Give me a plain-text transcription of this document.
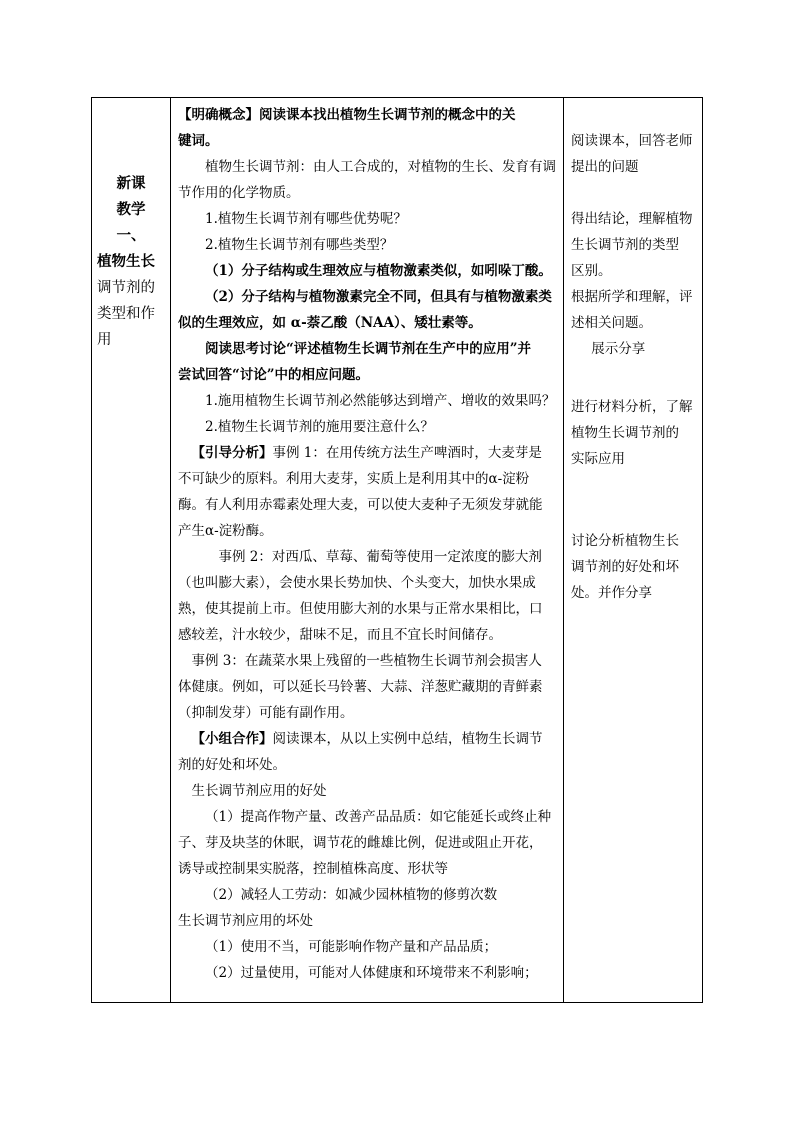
新课
教学
一、
植物生长
调节剂的
类型和作
用

【明确概念】阅读课本找出植物生长调节剂的概念中的关

键词。

植物生长调节剂：由人工合成的，对植物的生长、发育有调

节作用的化学物质。

1.植物生长调节剂有哪些优势呢？

2.植物生长调节剂有哪些类型？

（1）分子结构或生理效应与植物激素类似，如吲哚丁酸。

（2）分子结构与植物激素完全不同，但具有与植物激素类

似的生理效应，如 α-萘乙酸（NAA）、矮壮素等。

阅读思考讨论“评述植物生长调节剂在生产中的应用”并

尝试回答“讨论”中的相应问题。

1.施用植物生长调节剂必然能够达到增产、增收的效果吗？

2.植物生长调节剂的施用要注意什么？

【引导分析】事例 1：在用传统方法生产啤酒时，大麦芽是

不可缺少的原料。利用大麦芽，实质上是利用其中的α-淀粉

酶。有人利用赤霉素处理大麦，可以使大麦种子无须发芽就能

产生α-淀粉酶。

事例 2：对西瓜、草莓、葡萄等使用一定浓度的膨大剂

（也叫膨大素），会使水果长势加快、个头变大，加快水果成

熟，使其提前上市。但使用膨大剂的水果与正常水果相比，口

感较差，汁水较少，甜味不足，而且不宜长时间储存。

事例 3：在蔬菜水果上残留的一些植物生长调节剂会损害人

体健康。例如，可以延长马铃薯、大蒜、洋葱贮藏期的青鲜素

（抑制发芽）可能有副作用。

【小组合作】阅读课本，从以上实例中总结，植物生长调节

剂的好处和坏处。

生长调节剂应用的好处

（1）提高作物产量、改善产品品质：如它能延长或终止种

子、芽及块茎的休眠，调节花的雌雄比例，促进或阻止开花，

诱导或控制果实脱落，控制植株高度、形状等

（2）减轻人工劳动：如减少园林植物的修剪次数

生长调节剂应用的坏处

（1）使用不当，可能影响作物产量和产品品质；

（2）过量使用，可能对人体健康和环境带来不利影响；

阅读课本，回答老师

提出的问题

得出结论，理解植物

生长调节剂的类型

区别。

根据所学和理解，评

述相关问题。

展示分享

进行材料分析，了解

植物生长调节剂的

实际应用

讨论分析植物生长

调节剂的好处和坏

处。并作分享
